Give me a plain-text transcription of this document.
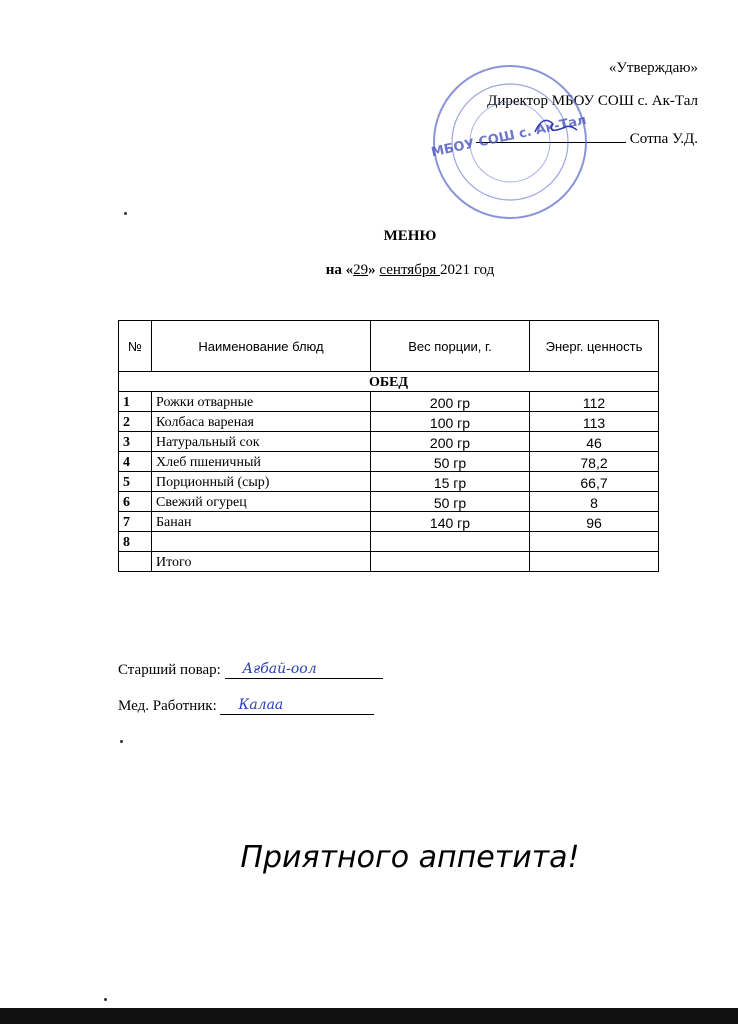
«Утверждаю»
Директор МБОУ СОШ с. Ак-Тал
Сотпа У.Д.
МБОУ СОШ с. Ак-Тал
МЕНЮ
на «29» сентября 2021 год
№	Наименование блюд	Вес порции, г.	Энерг. ценность
ОБЕД			
1	Рожки отварные	200 гр	112
2	Колбаса вареная	100 гр	113
3	Натуральный сок	200 гр	46
4	Хлеб пшеничный	50 гр	78,2
5	Порционный (сыр)	15 гр	66,7
6	Свежий огурец	50 гр	8
7	Банан	140 гр	96
8			
	Итого		
Старший повар: Ағбай-оол
Мед. Работник: Калаа
Приятного аппетита!
